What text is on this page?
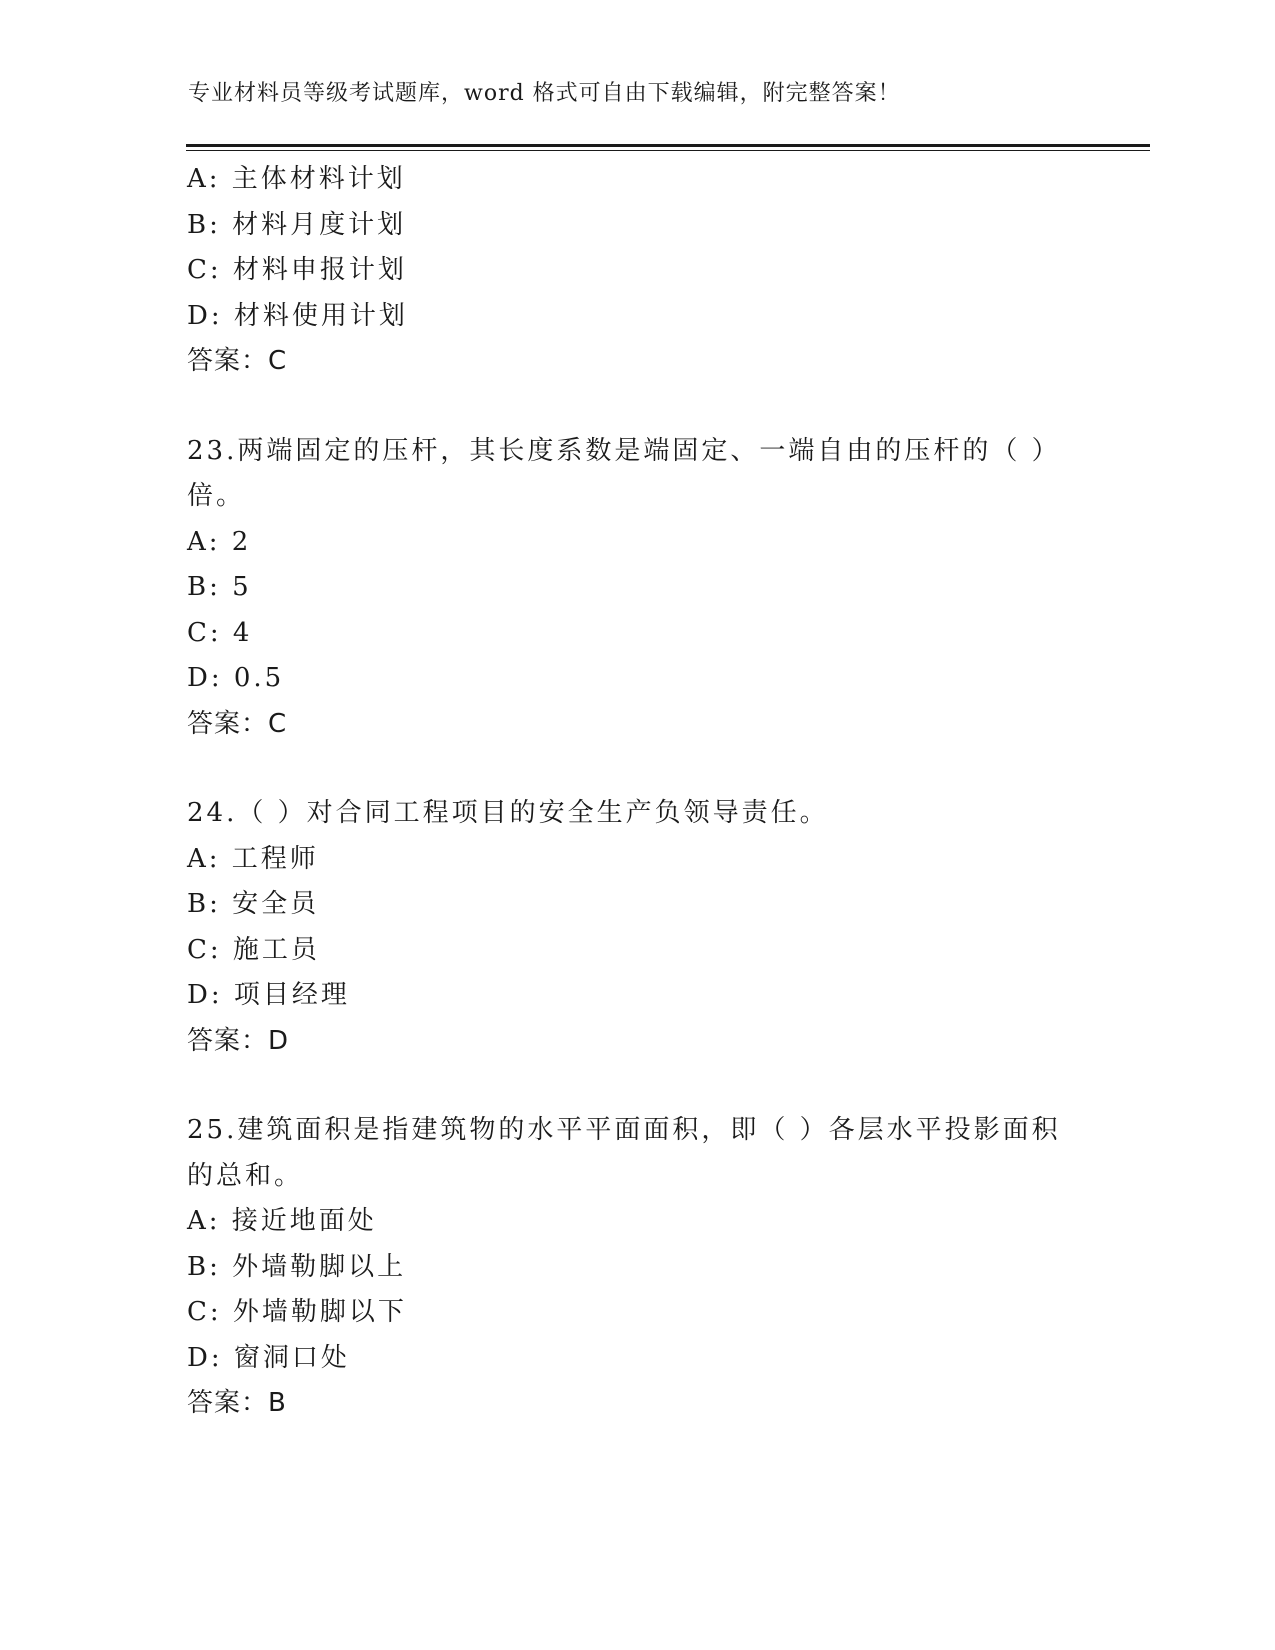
专业材料员等级考试题库，word 格式可自由下载编辑，附完整答案！
A: 主体材料计划
B: 材料月度计划
C: 材料申报计划
D: 材料使用计划
答案：C
23.两端固定的压杆，其长度系数是端固定、一端自由的压杆的（ ）
倍。
A: 2
B: 5
C: 4
D: 0.5
答案：C
24.（ ）对合同工程项目的安全生产负领导责任。
A: 工程师
B: 安全员
C: 施工员
D: 项目经理
答案：D
25.建筑面积是指建筑物的水平平面面积，即（ ）各层水平投影面积
的总和。
A: 接近地面处
B: 外墙勒脚以上
C: 外墙勒脚以下
D: 窗洞口处
答案：B
